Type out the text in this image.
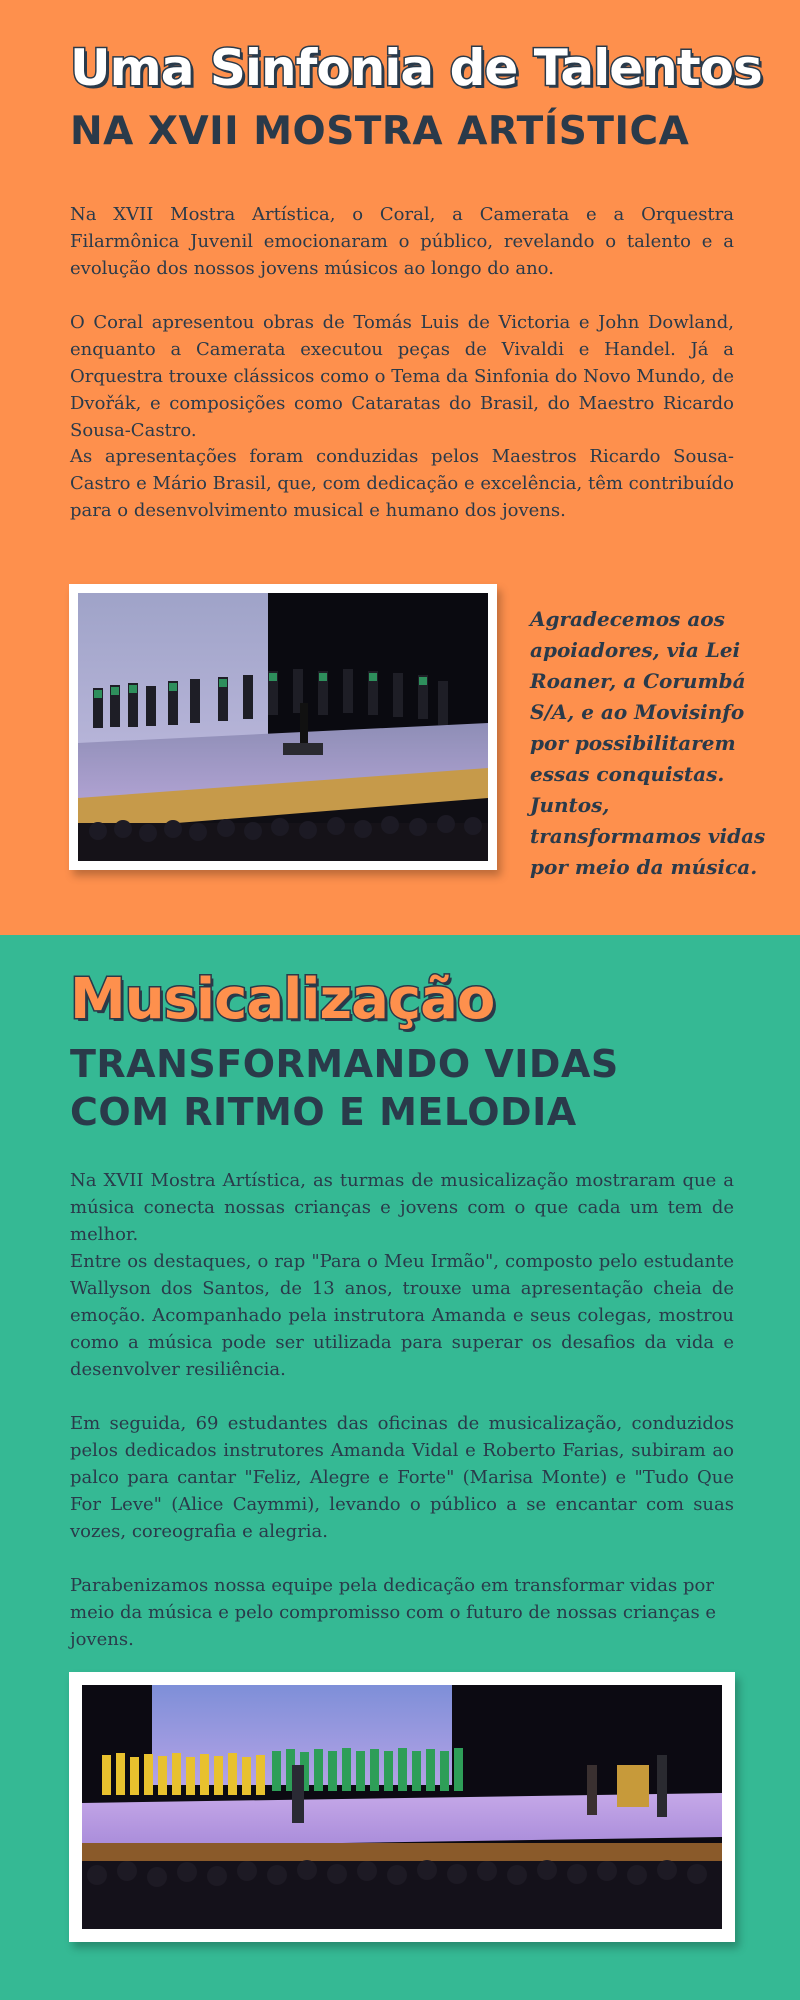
Uma Sinfonia de Talentos
NA XVII MOSTRA ARTÍSTICA

Na XVII Mostra Artística, o Coral, a Camerata e a Orquestra Filarmônica Juvenil emocionaram o público, revelando o talento e a evolução dos nossos jovens músicos ao longo do ano.

O Coral apresentou obras de Tomás Luis de Victoria e John Dowland, enquanto a Camerata executou peças de Vivaldi e Handel. Já a Orquestra trouxe clássicos como o Tema da Sinfonia do Novo Mundo, de Dvořák, e composições como Cataratas do Brasil, do Maestro Ricardo Sousa-Castro.

As apresentações foram conduzidas pelos Maestros Ricardo Sousa-Castro e Mário Brasil, que, com dedicação e excelência, têm contribuído para o desenvolvimento musical e humano dos jovens.

Agradecemos aos apoiadores, via Lei Roaner, a Corumbá S/A, e ao Movisinfo por possibilitarem essas conquistas. Juntos, transformamos vidas por meio da música.

Musicalização
TRANSFORMANDO VIDAS
COM RITMO E MELODIA

Na XVII Mostra Artística, as turmas de musicalização mostraram que a música conecta nossas crianças e jovens com o que cada um tem de melhor.

Entre os destaques, o rap "Para o Meu Irmão", composto pelo estudante Wallyson dos Santos, de 13 anos, trouxe uma apresentação cheia de emoção. Acompanhado pela instrutora Amanda e seus colegas, mostrou como a música pode ser utilizada para superar os desafios da vida e desenvolver resiliência.

Em seguida, 69 estudantes das oficinas de musicalização, conduzidos pelos dedicados instrutores Amanda Vidal e Roberto Farias, subiram ao palco para cantar "Feliz, Alegre e Forte" (Marisa Monte) e "Tudo Que For Leve" (Alice Caymmi), levando o público a se encantar com suas vozes, coreografia e alegria.

Parabenizamos nossa equipe pela dedicação em transformar vidas por meio da música e pelo compromisso com o futuro de nossas crianças e jovens.
